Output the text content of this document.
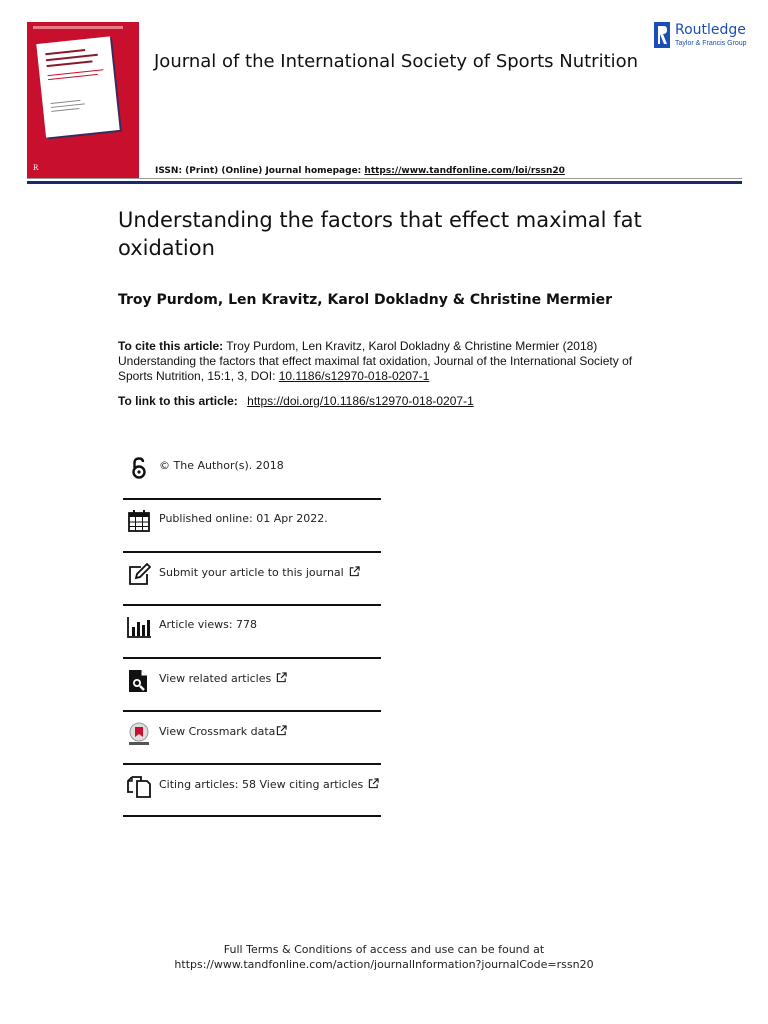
R
Journal of the International Society of Sports Nutrition
Routledge
Taylor & Francis Group
ISSN: (Print) (Online) Journal homepage: https://www.tandfonline.com/loi/rssn20
Understanding the factors that effect maximal fat oxidation
Troy Purdom, Len Kravitz, Karol Dokladny & Christine Mermier
To cite this article: Troy Purdom, Len Kravitz, Karol Dokladny & Christine Mermier (2018) Understanding the factors that effect maximal fat oxidation, Journal of the International Society of Sports Nutrition, 15:1, 3, DOI: 10.1186/s12970-018-0207-1
To link to this article: https://doi.org/10.1186/s12970-018-0207-1
© The Author(s). 2018
Published online: 01 Apr 2022.
Submit your article to this journal
Article views: 778
View related articles
View Crossmark data
Citing articles: 58 View citing articles
Full Terms & Conditions of access and use can be found at
https://www.tandfonline.com/action/journalInformation?journalCode=rssn20
